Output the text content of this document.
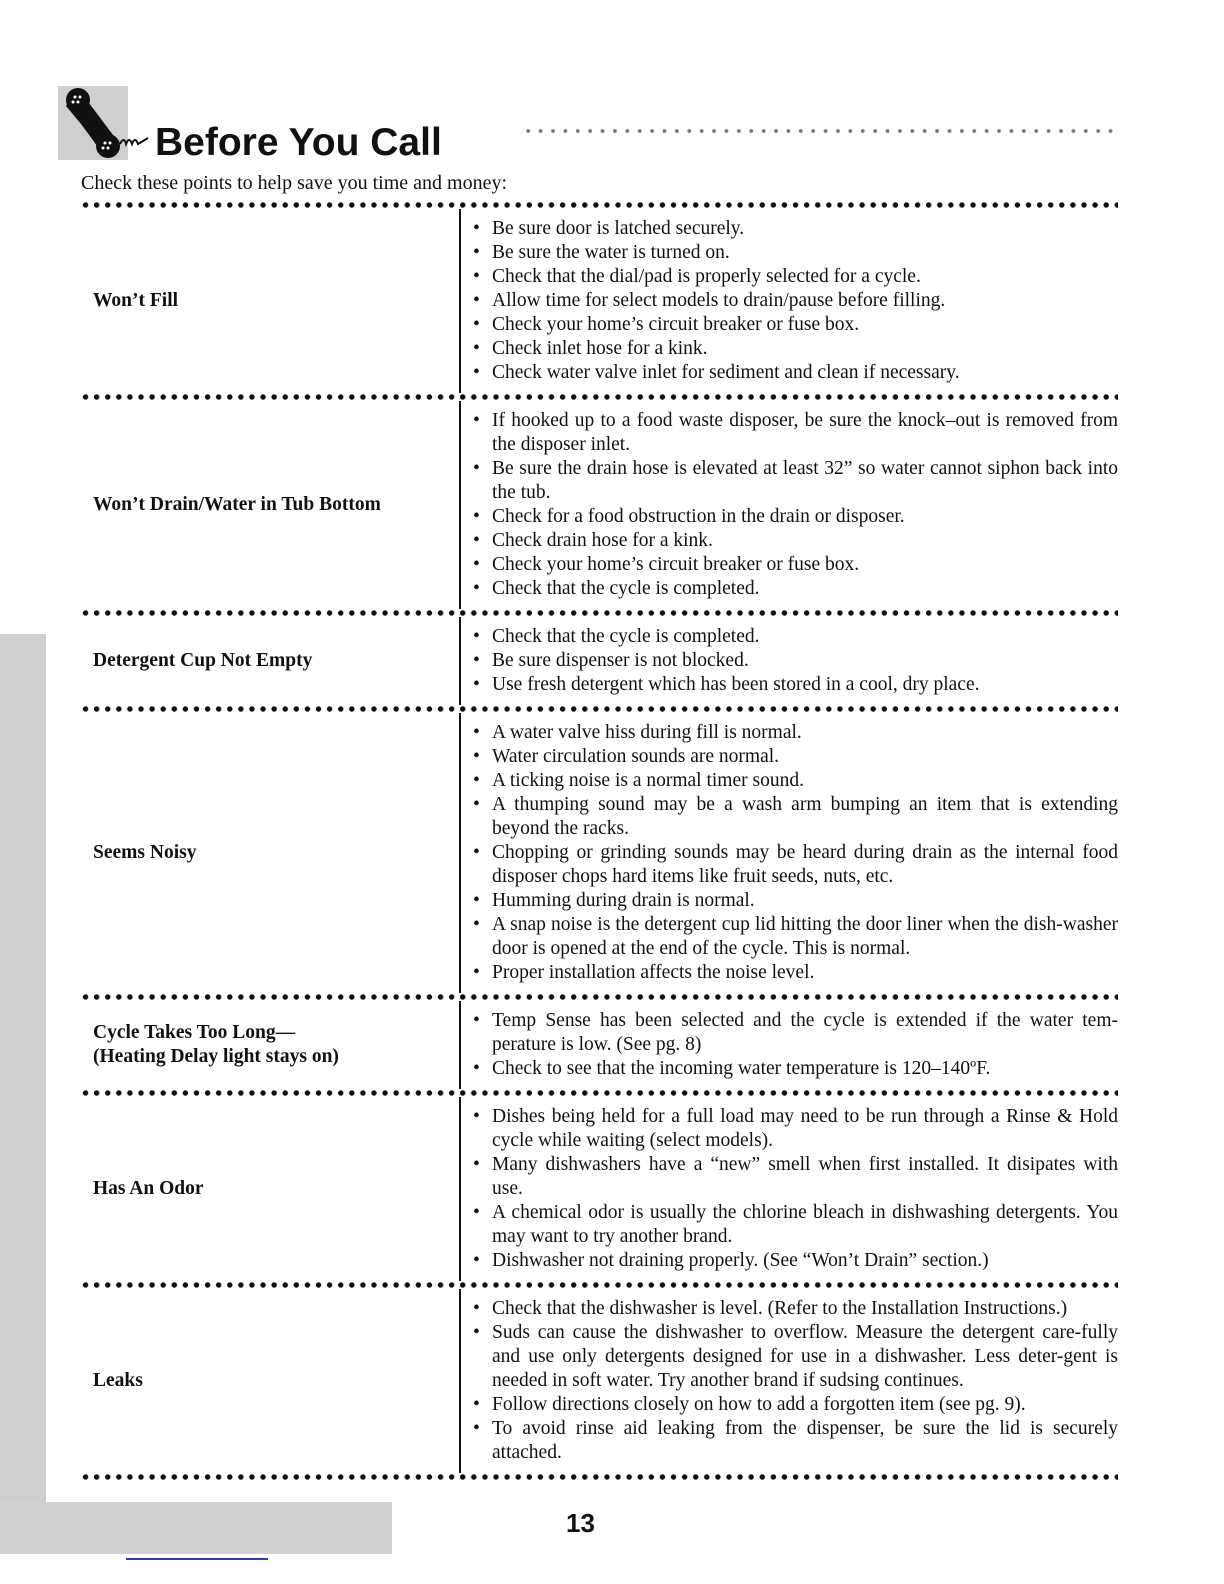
Before You Call
Check these points to help save you time and money:
Won’t Fill
• Be sure door is latched securely.
• Be sure the water is turned on.
• Check that the dial/pad is properly selected for a cycle.
• Allow time for select models to drain/pause before filling.
• Check your home’s circuit breaker or fuse box.
• Check inlet hose for a kink.
• Check water valve inlet for sediment and clean if necessary.
Won’t Drain/Water in Tub Bottom
• If hooked up to a food waste disposer, be sure the knock–out is removed from the disposer inlet.
• Be sure the drain hose is elevated at least 32” so water cannot siphon back into the tub.
• Check for a food obstruction in the drain or disposer.
• Check drain hose for a kink.
• Check your home’s circuit breaker or fuse box.
• Check that the cycle is completed.
Detergent Cup Not Empty
• Check that the cycle is completed.
• Be sure dispenser is not blocked.
• Use fresh detergent which has been stored in a cool, dry place.
Seems Noisy
• A water valve hiss during fill is normal.
• Water circulation sounds are normal.
• A ticking noise is a normal timer sound.
• A thumping sound may be a wash arm bumping an item that is extending beyond the racks.
• Chopping or grinding sounds may be heard during drain as the internal food disposer chops hard items like fruit seeds, nuts, etc.
• Humming during drain is normal.
• A snap noise is the detergent cup lid hitting the door liner when the dish-washer door is opened at the end of the cycle. This is normal.
• Proper installation affects the noise level.
Cycle Takes Too Long—
(Heating Delay light stays on)
• Temp Sense has been selected and the cycle is extended if the water tem-perature is low. (See pg. 8)
• Check to see that the incoming water temperature is 120–140ºF.
Has An Odor
• Dishes being held for a full load may need to be run through a Rinse & Hold cycle while waiting (select models).
• Many dishwashers have a “new” smell when first installed. It disipates with use.
• A chemical odor is usually the chlorine bleach in dishwashing detergents. You may want to try another brand.
• Dishwasher not draining properly. (See “Won’t Drain” section.)
Leaks
• Check that the dishwasher is level. (Refer to the Installation Instructions.)
• Suds can cause the dishwasher to overflow. Measure the detergent care-fully and use only detergents designed for use in a dishwasher. Less deter-gent is needed in soft water. Try another brand if sudsing continues.
• Follow directions closely on how to add a forgotten item (see pg. 9).
• To avoid rinse aid leaking from the dispenser, be sure the lid is securely attached.
13
